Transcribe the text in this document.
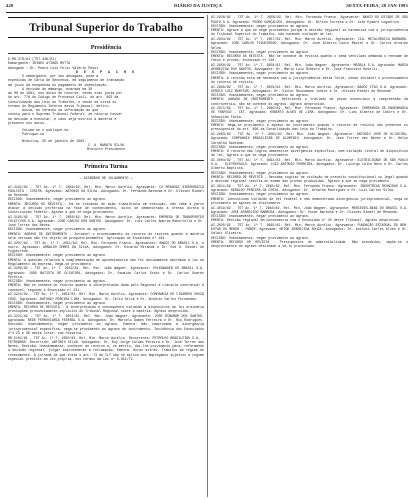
420	DIÁRIO DA JUSTIÇA	SEXTA-FEIRA, 28 JAN 1983
Tribunal Superior do Trabalho
Presidência

E-RR-379/81 (TST-448/81)

Embargante: IRINEU ATIRAS MOTTA

Advogado : Dr. Pedro Luis Felix Valério Pessi

D E S P A C H O

O embargante, por seu advogado, pede a

expedição de Carta de Sentença, em seguimento de transação

em juízo da exeqüenda no pagamento de indenização.

A decisão de embargo, exarada em 30

de 09 de 1981, nos autos de recurso, tendo sido junta por

do art. 778 do Código de Processo Civil, do art. 893 da

Consolidação das Leis do Trabalho, e tendo em vista os

termos do Regimento Interno deste Tribunal, defiro.

Assim, ao término da informação ao que

consta para o Supremo Tribunal Federal, se recurso houver

de decisão a executar, e caso seja estrito à matéria e

presente nos autos.

Intime-se e publique-se.

Publique-se.

Brasília, 25 de janeiro de 1983.

C. A. BARATA SILVA

Ministro Presidente

Primeira Turma
— ACÓRDÃOS DE JULGAMENTO —

AI-3191/82 - TST Ac. 1ª T. 2649/82. Rel. Min. Marco Aurélio. Agravante: CO MPANHIA SIDERÚRGICA PAULISTA - COSIPA. Agravado: ANTONIO DA SILVA. Advogados: Dr. Fernando Barbosa e Dr. Ulisses Riedel de Resende.

DECISÃO: Unanimemente, negar provimento ao agravo.

EMENTA: RECURSO DE REVISTA - Em se tratando de ação trabalhista em execução, não cabe à parte atacar a decisão proferida na fase de conhecimento, salvo se demonstrada a ofensa direta à Constituição Federal. Agravo a que se nega provimento.

AI-3195/82 - TST Ac. 1ª T. 2650/82. Rel. Min. Marco Aurélio. Agravante: EMPRESA DE TRANSPORTES COLETIVOS S.A. Agravado: JOSÉ CARLOS DOS SANTOS. Advogados: Dr. Luiz Carlos Amorim Robortella e Dr. José Torres das Neves.

DECISÃO: Unanimemente, negar provimento ao agravo.

EMENTA: AGRAVO DE INSTRUMENTO - Inviável o processamento de recurso de revista quando a matéria nele versada não foi objeto de prequestionamento. Aplicação do Enunciado nº 184.

AI-3207/82 - TST Ac. 1ª T. 2651/82. Rel. Min. Fernando Franco. Agravantes: BANCO DO BRASIL S.A. e outro. Agravado: ARNALDO GOMES DA SILVA. Advogados: Dr. Ricardo Miranda e Dr. Sid H. Riedel de Figueiredo.

DECISÃO: Unanimemente, negar provimento ao agravo.

EMENTA: A questão relativa à complementação de aposentadoria não foi devidamente abordada à luz do Regulamento da empresa. Nega-se provimento.

AI-3209/82 - TST Ac. 1ª T. 2652/82. Rel. Min. João Wagner. Agravante: VOLKSWAGEN DO BRASIL S.A. Agravado: JOÃO BATISTA DE OLIVEIRA. Advogados: Dr. Oswaldo Carlos Stein e Dr. Carlos Soares Pereira.

DECISÃO: Unanimemente, negar provimento ao agravo.

EMENTA: Não se conhece do recurso quando a interpretação dada pelo Regional à cláusula contratual é razoável, segundo o Enunciado nº 221.

AI-3215/82 - TST Ac. 1ª T. 2653/82. Rel. Min. Marco Aurélio. Agravante: COMPANHIA DE CIGARROS SOUZA CRUZ. Agravado: ANTONIO PEREIRA LIMA. Advogados: Dr. Célio Silva e Dr. Antônio Carlos Fernandes.

DECISÃO: Unanimemente, negar provimento ao agravo.

EMENTA: RECURSO DE REVISTA - A interpretação e consequente violação a dispositivo de lei ordinária pressupõem pronunciamento explícito do Tribunal Regional sobre a matéria. Agravo desprovido.

AI-3221/82 - TST Ac. 1ª T. 2654/82. Rel. Min. João Wagner. Agravante: JOSÉ RIBAMAR DOS SANTOS. Agravada: REDE FERROVIÁRIA FEDERAL S.A. Advogados: Dr. Marcelo Gomes Ferreira e Dr. Ruy Rodrigues. Decisão: Unanimemente, negar provimento ao agravo. Ementa: Não comprovada a divergência jurisprudencial específica, nega-se provimento ao agravo de instrumento. Incidência dos Enunciados nºs 23 e 38 desta Corte, com ressalva.

RR-5102/81 - TST Ac. 1ª T. 2655/82. Rel. Min. Marco Aurélio. Recorrente: PETRÓLEO BRASILEIRO S.A. - PETROBRÁS. Recorrido: ANTONIO SILVA. Advogados: Dr. Ruy Jorge Caldas Pereira e Dr. José Torres das Neves. Decisão: Unanimemente, conhecer do recurso e, no mérito, dar-lhe provimento para, reformando a decisão regional, julgar improcedente a reclamação. Ementa: Horas extras. Trabalho em regime de revezamento. A jornada de que trata o art. 73 da CLT não se aplica aos empregados sujeitos a regime especial previsto em lei própria, nos termos da Lei nº 5.811/72.

AI-2926/82 - TST Ac. 1ª T. 2656/82. Rel. Min. Fernando Franco. Agravante: BANCO DO ESTADO DE SÃO PAULO S.A. Agravado: PEDRO GONÇALVES. Advogados: Dr. Nilton Correia e Dr. José Eymard Loguércio.

DECISÃO: Unanimemente, negar provimento ao agravo.

EMENTA: Agravo a que se nega provimento porque a decisão regional se harmoniza com a jurisprudência do Tribunal Superior do Trabalho, não havendo violação de lei.

AI-2944/82 - TST Ac. 1ª T. 2657/82. Rel. Min. Marco Aurélio. Agravante: CIA. METALÚRGICA BARBARÁ. Agravado: JOSÉ CARLOS FIGUEIREDO. Advogados: Dr. José Alberto Couto Maciel e Dr. Carlos Arnaldo Selva.

DECISÃO: Unanimemente, negar provimento ao agravo.

EMENTA: RECURSO DE REVISTA - Não se conhece de revista quando o tema ventilado demanda o reexame de fatos e provas. Enunciado nº 126.

AI-2958/82 - TST Ac. 1ª T. 2658/82. Rel. Min. João Wagner. Agravante: MESBLA S.A. Agravada: MARIA APARECIDA DOS SANTOS. Advogados: Dr. Mário Luiz Ribeiro e Dr. José Francisco Boselli.

DECISÃO: Unanimemente, negar provimento ao agravo.

EMENTA: A revisão está em harmonia com a jurisprudência desta Corte, sendo inviável o processamento do recurso de revista.

AI-2966/82 - TST Ac. 1ª T. 2659/82. Rel. Min. Marco Aurélio. Agravante: BANCO ITAÚ S.A. Agravado: SÉRGIO LUIZ MARTINS. Advogados: Dr. Victor Russomano Júnior e Dr. Ulisses Riedel de Resende.

DECISÃO: Unanimemente, negar provimento ao agravo.

EMENTA: AGRAVO DE INSTRUMENTO - Deficiente o traslado de peças essenciais à compreensão da controvérsia, não se conhece do agravo. Agravo desprovido.

AI-2971/82 - TST Ac. 1ª T. 2660/82. Rel. Min. Fernando Franco. Agravante: COMPANHIA DE ENGENHARIA DE TRÁFEGO - CET. Agravado: ROBERTO ALVES DE LIMA. Advogados: Dr. Lino Alberto de Castro e Dr. Sebastião Faria.

DECISÃO: Unanimemente, negar provimento ao agravo.

EMENTA: Nega-se provimento a agravo de instrumento quando o recurso de revista não preenche os pressupostos do art. 896 da Consolidação das Leis do Trabalho.

AI-2983/82 - TST Ac. 1ª T. 2661/82. Rel. Min. João Wagner. Agravante: ANTONIO JOSÉ DE OLIVEIRA. Agravada: COMPANHIA BRASILEIRA DE ALUMÍNIO. Advogados: Dr. José Torres das Neves e Dr. Hélio Carvalho Santana.

DECISÃO: Unanimemente, negar provimento ao agravo.

EMENTA: O recurso não logrou demonstrar divergência específica, nem violação literal de dispositivo de lei. Agravo a que se nega provimento.

AI-3004/82 - TST Ac. 1ª T. 2662/82. Rel. Min. Marco Aurélio. Agravante: ELETRICIDADE DE SÃO PAULO S.A. - ELETROPAULO. Agravado: LUIZ ANTONIO FERREIRA. Advogados: Dr. Lycurgo Leite Neto e Dr. Carlos Alberto Baptista.

DECISÃO: Unanimemente, negar provimento ao agravo.

EMENTA: RECURSO DE REVISTA - Descabe cogitar de violação de preceito constitucional ou legal quando a decisão regional resulta do exame das provas produzidas. Agravo a que se nega provimento.

AI-3011/82 - TST Ac. 1ª T. 2663/82. Rel. Min. Fernando Franco. Agravante: INDÚSTRIAS REUNIDAS S.A. Agravado: GERALDO PEREIRA DA COSTA. Advogados: Dr. Arnaldo Rodrigues e Dr. Luiz Carlos Silva.

DECISÃO: Unanimemente, negar provimento ao agravo.

EMENTA: Inexistindo violação de lei federal e não demonstrada divergência jurisprudencial, nega-se provimento ao agravo de instrumento.

AI-3019/82 - TST Ac. 1ª T. 2664/82. Rel. Min. João Wagner. Agravante: MERCEDES-BENZ DO BRASIL S.A. Agravado: JOSÉ APARECIDO BARBOSA. Advogados: Dr. Oscar Barbosa e Dr. Ulisses Riedel de Resende.

DECISÃO: Unanimemente, negar provimento ao agravo.

EMENTA: Decisão regional em consonância com o Enunciado nº 45 deste Tribunal. Agravo desprovido.

AI-3025/82 - TST Ac. 1ª T. 2665/82. Rel. Min. Marco Aurélio. Agravante: FUNDAÇÃO ESTADUAL DO BEM-ESTAR DO MENOR - FEBEM. Agravada: NEIDE APARECIDA SOUZA. Advogados: Dr. Antônio Carlos Alves e Dr. Valdir Oliveira.

DECISÃO: Unanimemente, negar provimento ao agravo.

EMENTA: RECURSO DE REVISTA - Pressupostos de admissibilidade. Não atendidos, impõe-se o desprovimento do agravo destinado a vê-lo processado.
